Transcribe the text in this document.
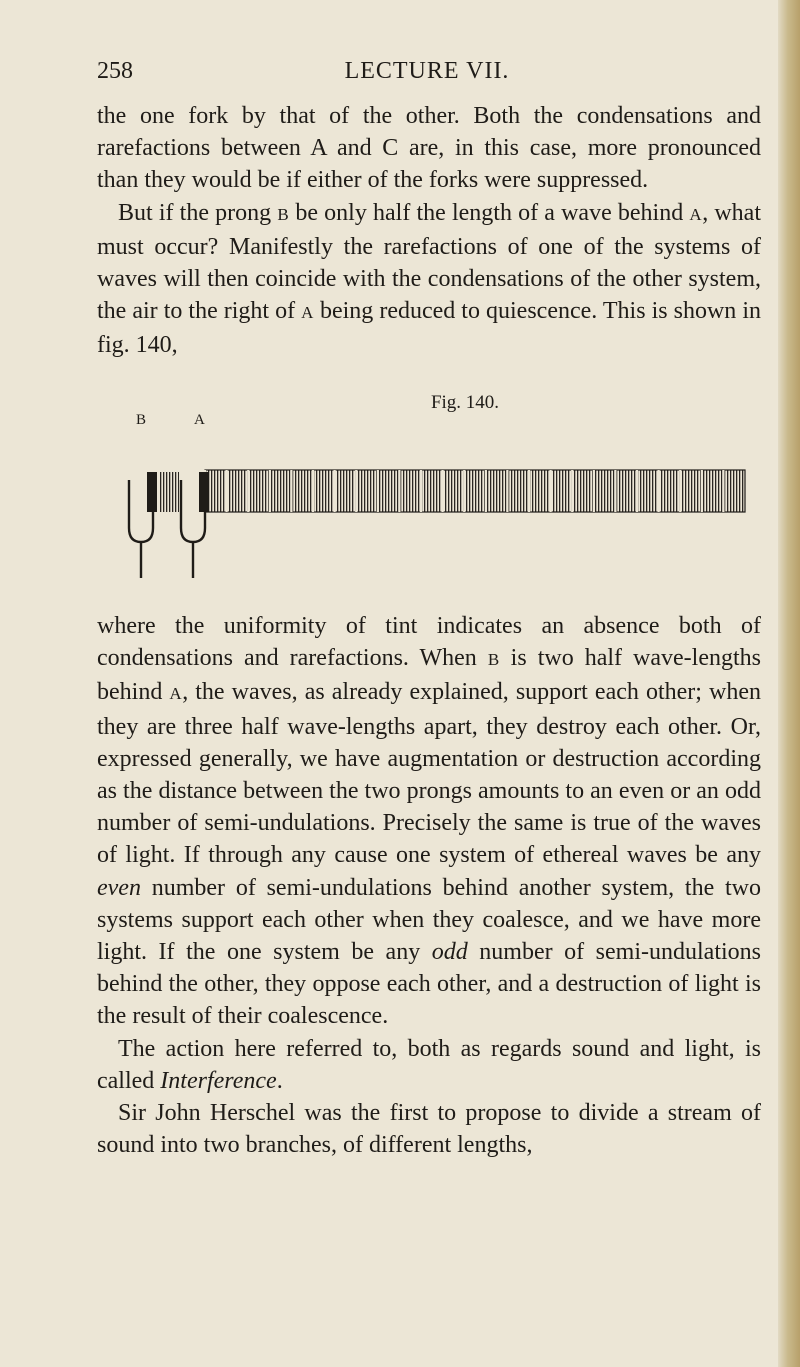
258	LECTURE VII.

the one fork by that of the other. Both the condensations and rarefactions between A and C are, in this case, more pronounced than they would be if either of the forks were suppressed.

But if the prong B be only half the length of a wave behind A, what must occur? Manifestly the rarefactions of one of the systems of waves will then coincide with the condensations of the other system, the air to the right of A being reduced to quiescence. This is shown in fig. 140,

Fig. 140.
B	A

where the uniformity of tint indicates an absence both of condensations and rarefactions. When B is two half wave-lengths behind A, the waves, as already explained, support each other; when they are three half wave-lengths apart, they destroy each other. Or, expressed generally, we have augmentation or destruction according as the distance between the two prongs amounts to an even or an odd number of semi-undulations. Precisely the same is true of the waves of light. If through any cause one system of ethereal waves be any even number of semi-undulations behind another system, the two systems support each other when they coalesce, and we have more light. If the one system be any odd number of semi-undulations behind the other, they oppose each other, and a destruction of light is the result of their coalescence.

The action here referred to, both as regards sound and light, is called Interference.

Sir John Herschel was the first to propose to divide a stream of sound into two branches, of different lengths,
